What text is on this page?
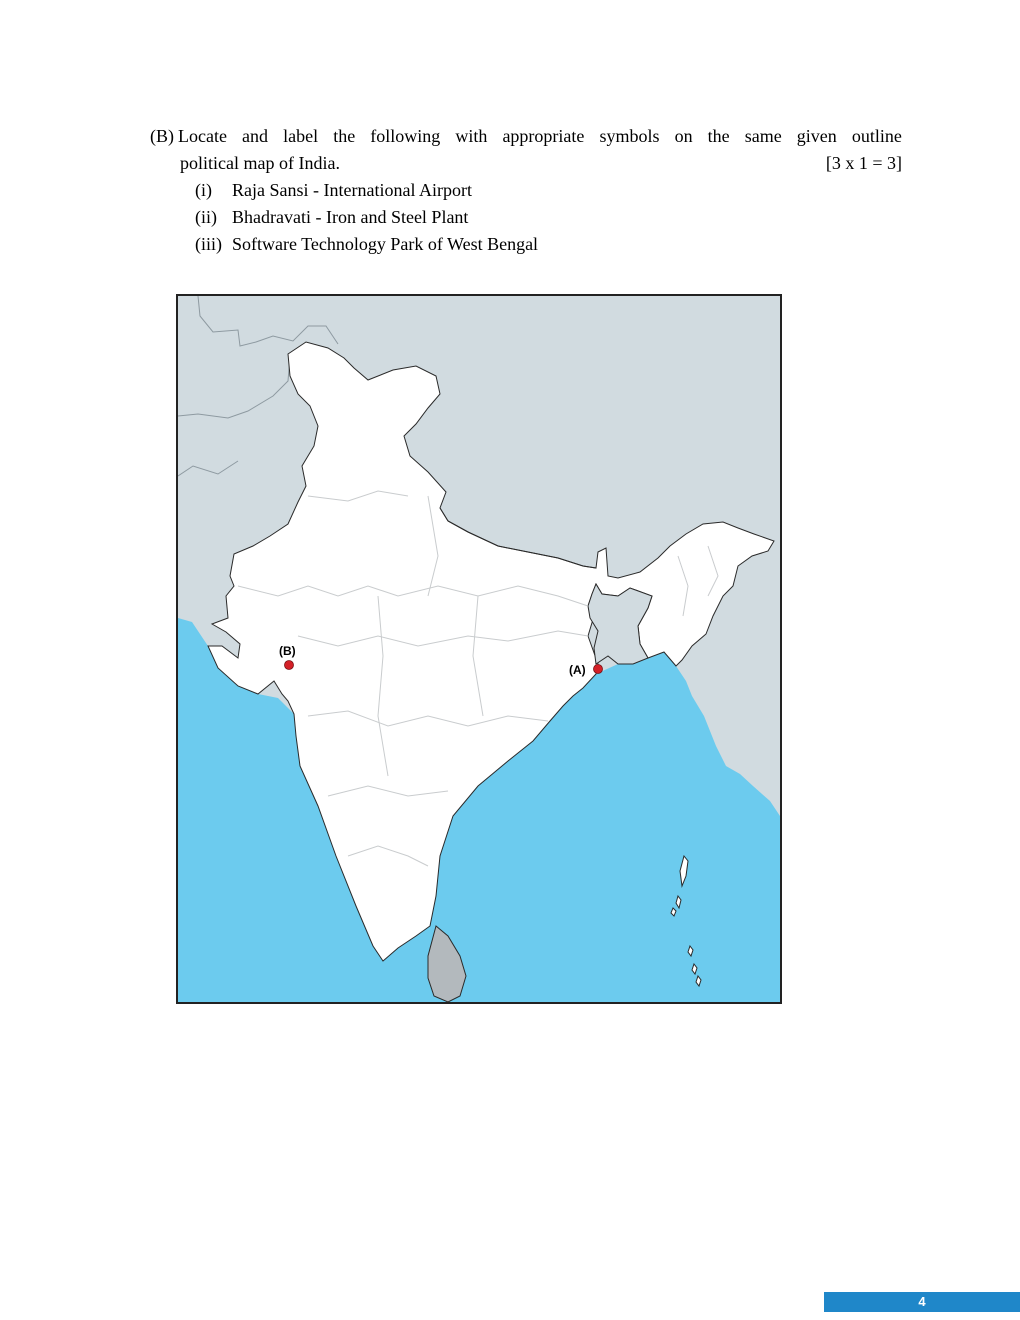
(B) Locate and label the following with appropriate symbols on the same given outline
political map of India.	[3 x 1 = 3]
(i)	Raja Sansi - International Airport
(ii) Bhadravati - Iron and Steel Plant
(iii) Software Technology Park of West Bengal
(B)
(A)
4
